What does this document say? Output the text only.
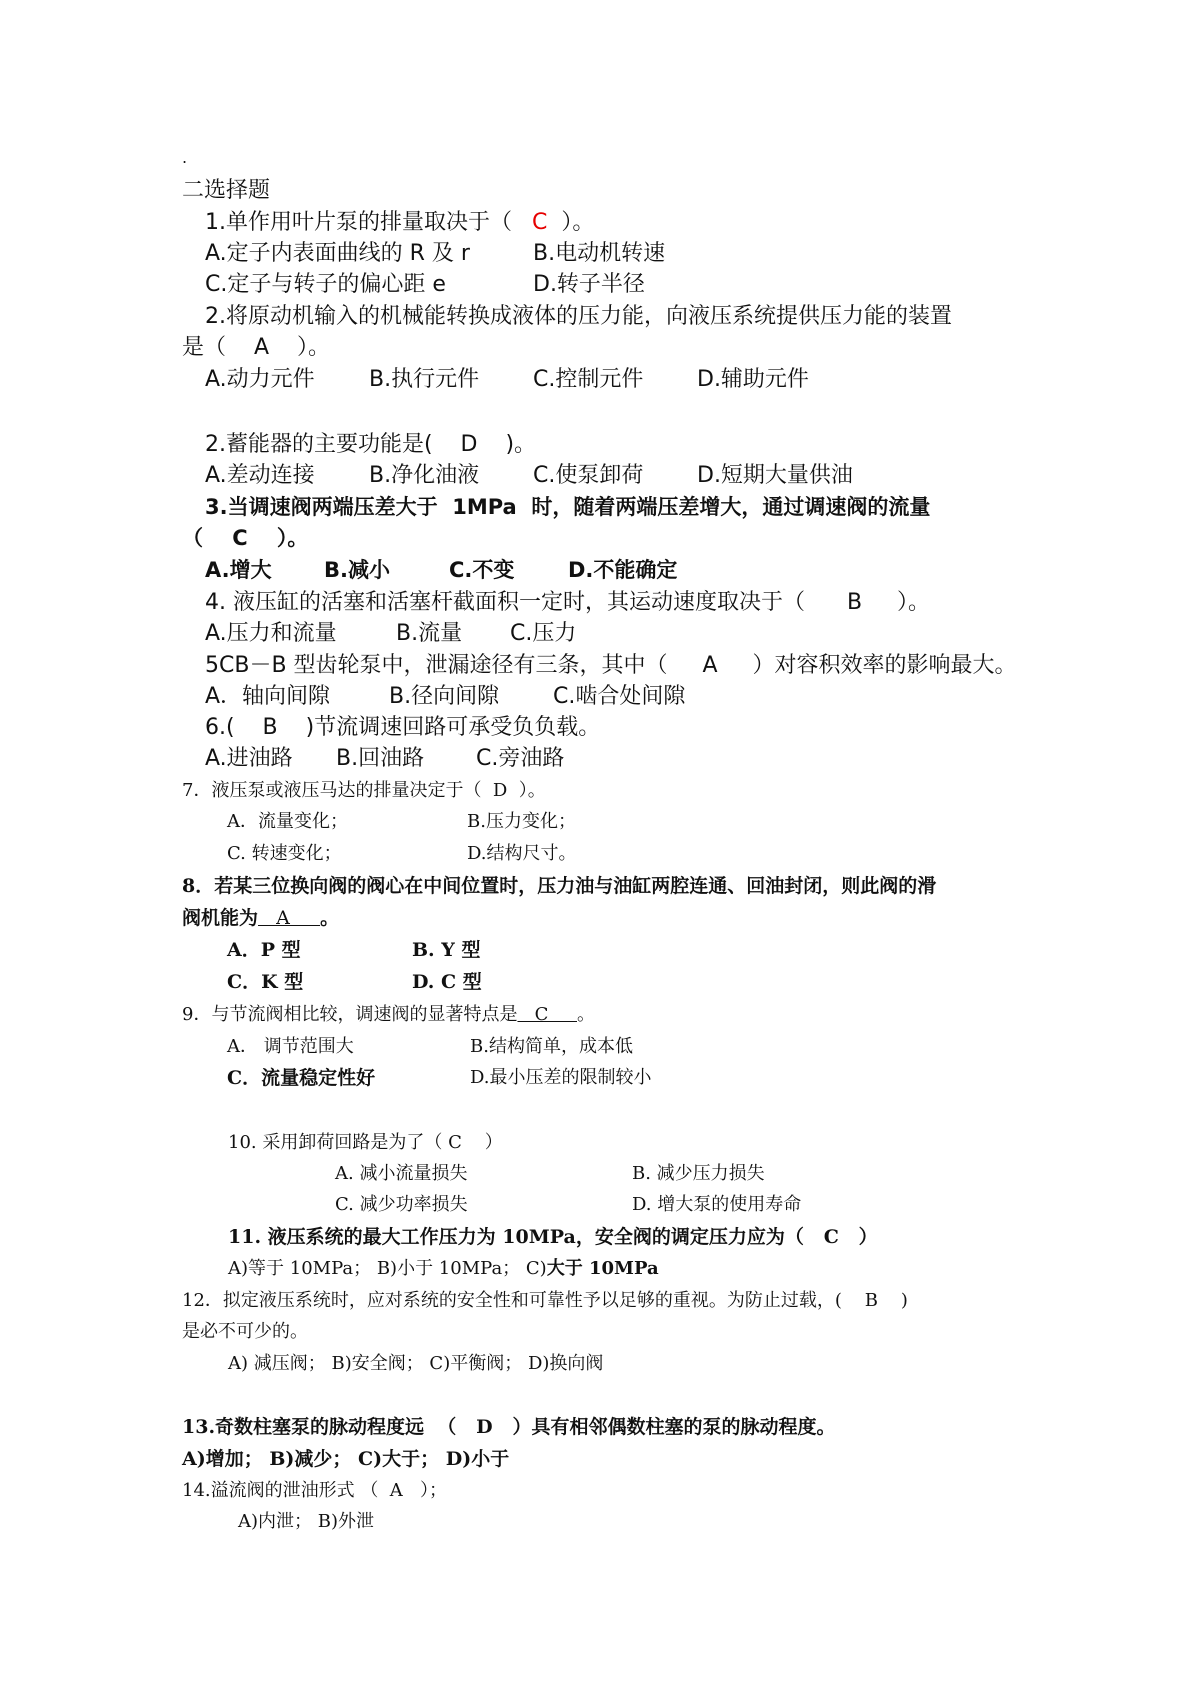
.
二选择题
1.单作用叶片泵的排量取决于（ C ）。
A.定子内表面曲线的 R 及 r	B.电动机转速
C.定子与转子的偏心距 e	D.转子半径
2.将原动机输入的机械能转换成液体的压力能，向液压系统提供压力能的装置
是（    A    ）。
A.动力元件 B.执行元件 C.控制元件 D.辅助元件
2.蓄能器的主要功能是(    D    )。
A.差动连接 B.净化油液 C.使泵卸荷 D.短期大量供油
3.当调速阀两端压差大于  1MPa  时，随着两端压差增大，通过调速阀的流量
（    C    ）。
A.增大 B.减小	C.不变	D.不能确定
4. 液压缸的活塞和活塞杆截面积一定时，其运动速度取决于（      B     ）。
A.压力和流量	B.流量 C.压力
5CB－B 型齿轮泵中，泄漏途径有三条，其中（     A     ）对容积效率的影响最大。
A．轴向间隙	B.径向间隙 C.啮合处间隙
6.(    B    )节流调速回路可承受负负载。
A.进油路 B.回油路 C.旁油路
7．液压泵或液压马达的排量决定于（  D  ）。
A．流量变化；	B.压力变化；
C. 转速变化；	D.结构尺寸。
8．若某三位换向阀的阀心在中间位置时，压力油与油缸两腔连通、回油封闭，则此阀的滑
阀机能为   A     。
A．P 型	B. Y 型
C．K 型	D. C 型
9．与节流阀相比较，调速阀的显著特点是   C     。
A． 调节范围大	B.结构简单，成本低
C．流量稳定性好	D.最小压差的限制较小
10. 采用卸荷回路是为了（ C    ）
A. 减小流量损失	B. 减少压力损失
C. 减少功率损失	D. 增大泵的使用寿命
11. 液压系统的最大工作压力为 10MPa，安全阀的调定压力应为（   C   ）
A)等于 10MPa； B)小于 10MPa； C)大于 10MPa
12．拟定液压系统时，应对系统的安全性和可靠性予以足够的重视。为防止过载，(    B    )
是必不可少的。
A) 减压阀； B)安全阀； C)平衡阀； D)换向阀
13.奇数柱塞泵的脉动程度远  （   D   ）具有相邻偶数柱塞的泵的脉动程度。
A)增加； B)减少； C)大于； D)小于
14.溢流阀的泄油形式 （  A   ）；
A)内泄； B)外泄
